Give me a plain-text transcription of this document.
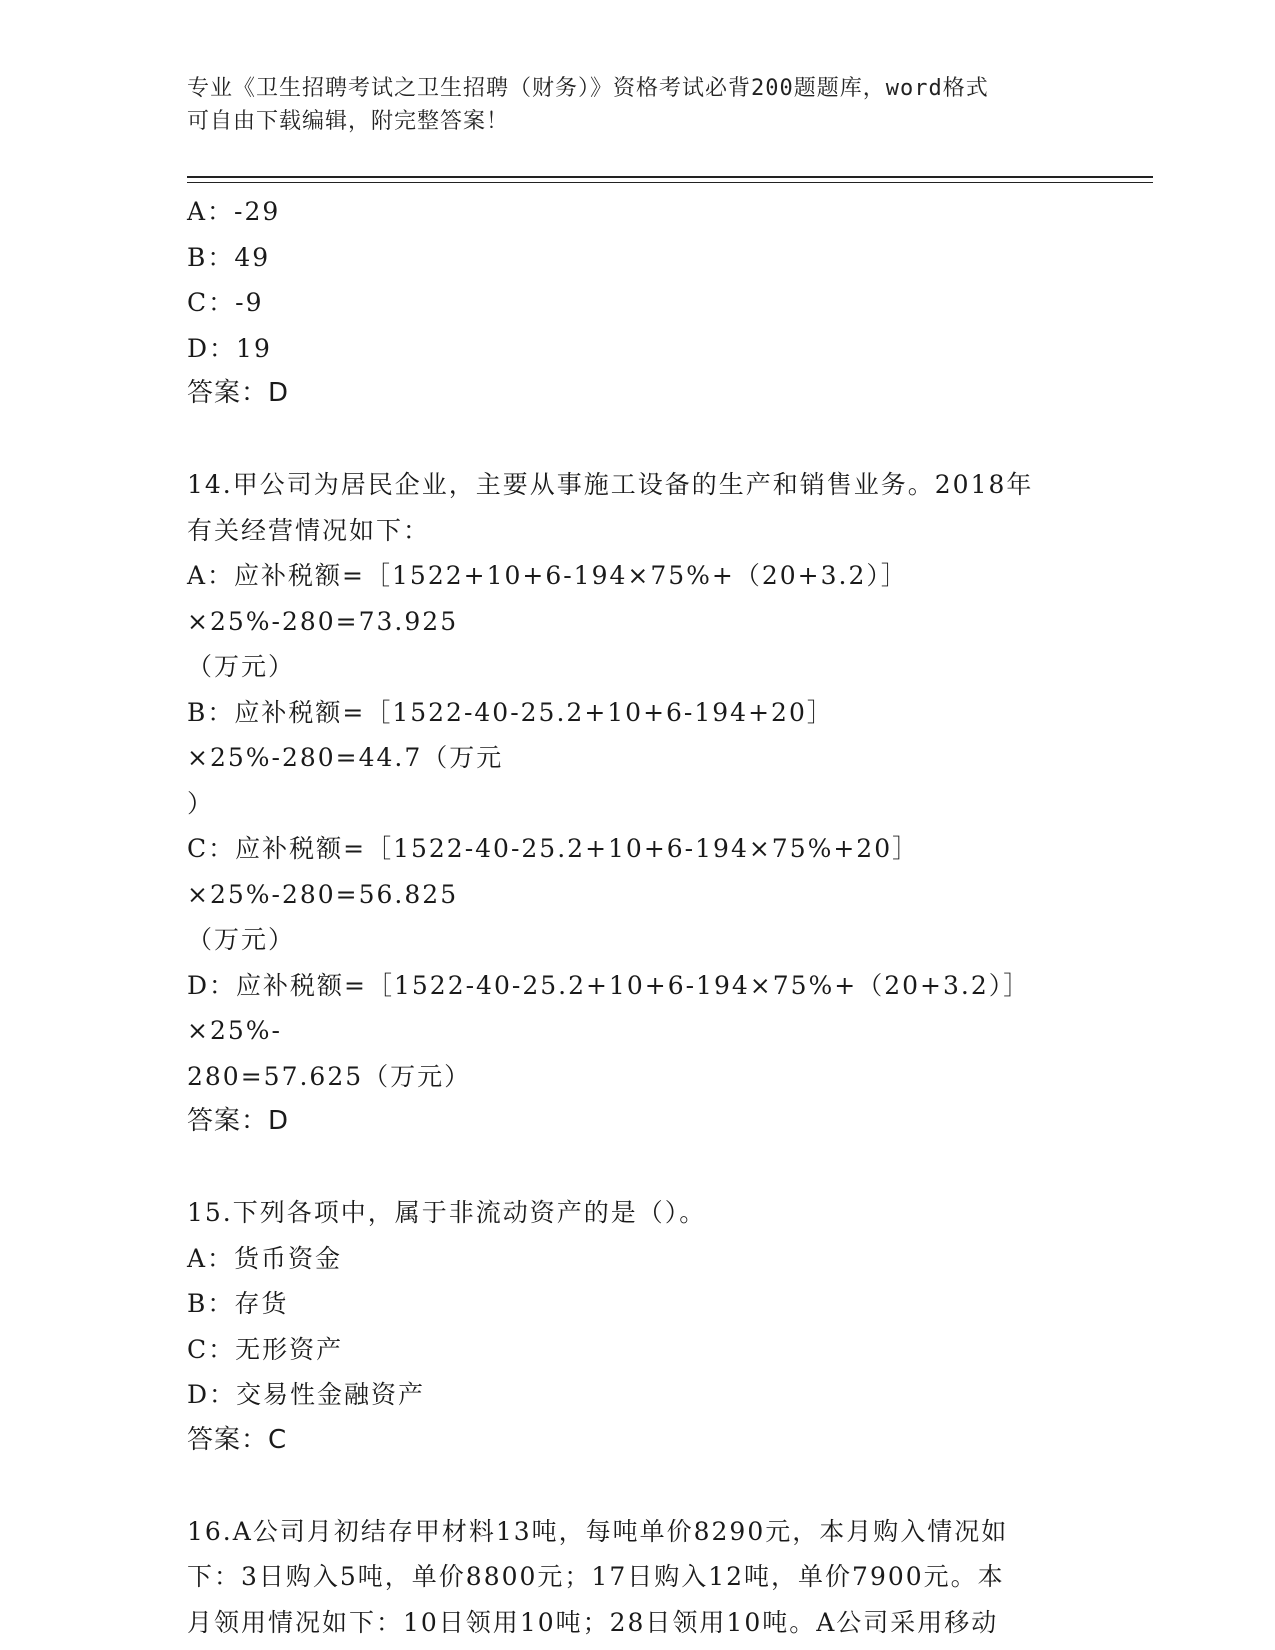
专业《卫生招聘考试之卫生招聘（财务）》资格考试必背200题题库，word格式
可自由下载编辑，附完整答案！
A：-29
B：49
C：-9
D：19
答案：D
14.甲公司为居民企业，主要从事施工设备的生产和销售业务。2018年
有关经营情况如下：
A：应补税额=［1522+10+6-194×75%+（20+3.2）］×25%-280=73.925
（万元）
B：应补税额=［1522-40-25.2+10+6-194+20］×25%-280=44.7（万元
）
C：应补税额=［1522-40-25.2+10+6-194×75%+20］×25%-280=56.825
（万元）
D：应补税额=［1522-40-25.2+10+6-194×75%+（20+3.2）］×25%-
280=57.625（万元）
答案：D
15.下列各项中，属于非流动资产的是（）。
A：货币资金
B：存货
C：无形资产
D：交易性金融资产
答案：C
16.A公司月初结存甲材料13吨，每吨单价8290元，本月购入情况如
下：3日购入5吨，单价8800元；17日购入12吨，单价7900元。本
月领用情况如下：10日领用10吨；28日领用10吨。A公司采用移动
